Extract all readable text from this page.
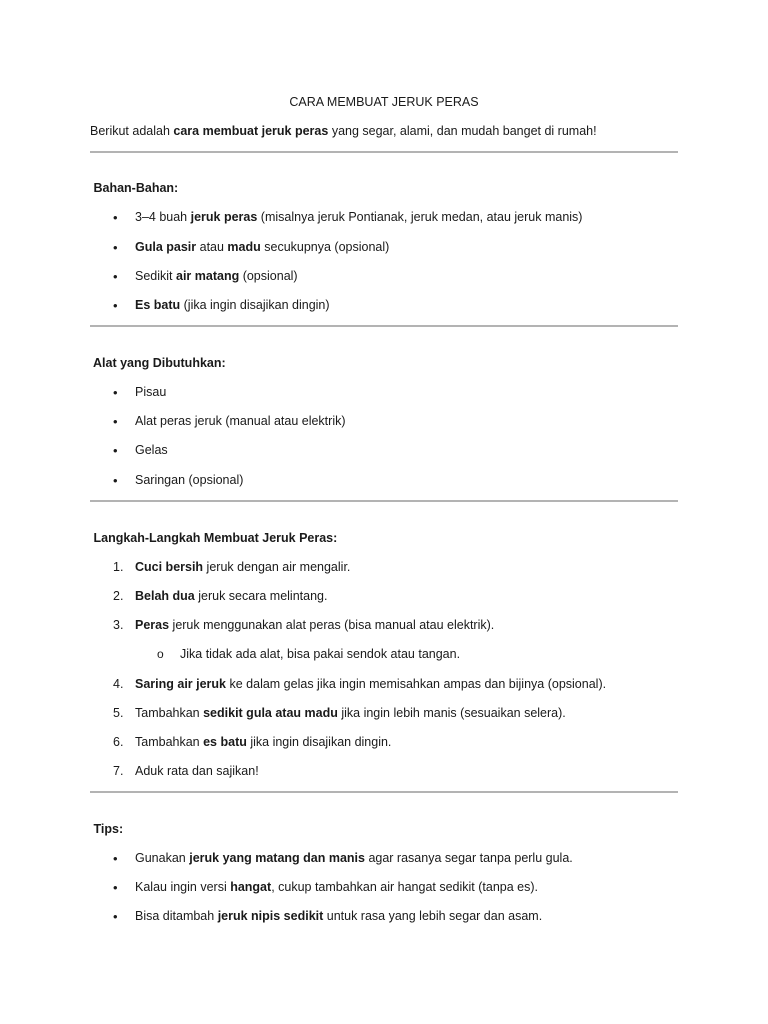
CARA MEMBUAT JERUK PERAS
Berikut adalah cara membuat jeruk peras yang segar, alami, dan mudah banget di rumah!
Bahan-Bahan:
• 3–4 buah jeruk peras (misalnya jeruk Pontianak, jeruk medan, atau jeruk manis)
• Gula pasir atau madu secukupnya (opsional)
• Sedikit air matang (opsional)
• Es batu (jika ingin disajikan dingin)
Alat yang Dibutuhkan:
• Pisau
• Alat peras jeruk (manual atau elektrik)
• Gelas
• Saringan (opsional)
Langkah-Langkah Membuat Jeruk Peras:
1. Cuci bersih jeruk dengan air mengalir.
2. Belah dua jeruk secara melintang.
3. Peras jeruk menggunakan alat peras (bisa manual atau elektrik).
o Jika tidak ada alat, bisa pakai sendok atau tangan.
4. Saring air jeruk ke dalam gelas jika ingin memisahkan ampas dan bijinya (opsional).
5. Tambahkan sedikit gula atau madu jika ingin lebih manis (sesuaikan selera).
6. Tambahkan es batu jika ingin disajikan dingin.
7. Aduk rata dan sajikan!
Tips:
• Gunakan jeruk yang matang dan manis agar rasanya segar tanpa perlu gula.
• Kalau ingin versi hangat, cukup tambahkan air hangat sedikit (tanpa es).
• Bisa ditambah jeruk nipis sedikit untuk rasa yang lebih segar dan asam.
